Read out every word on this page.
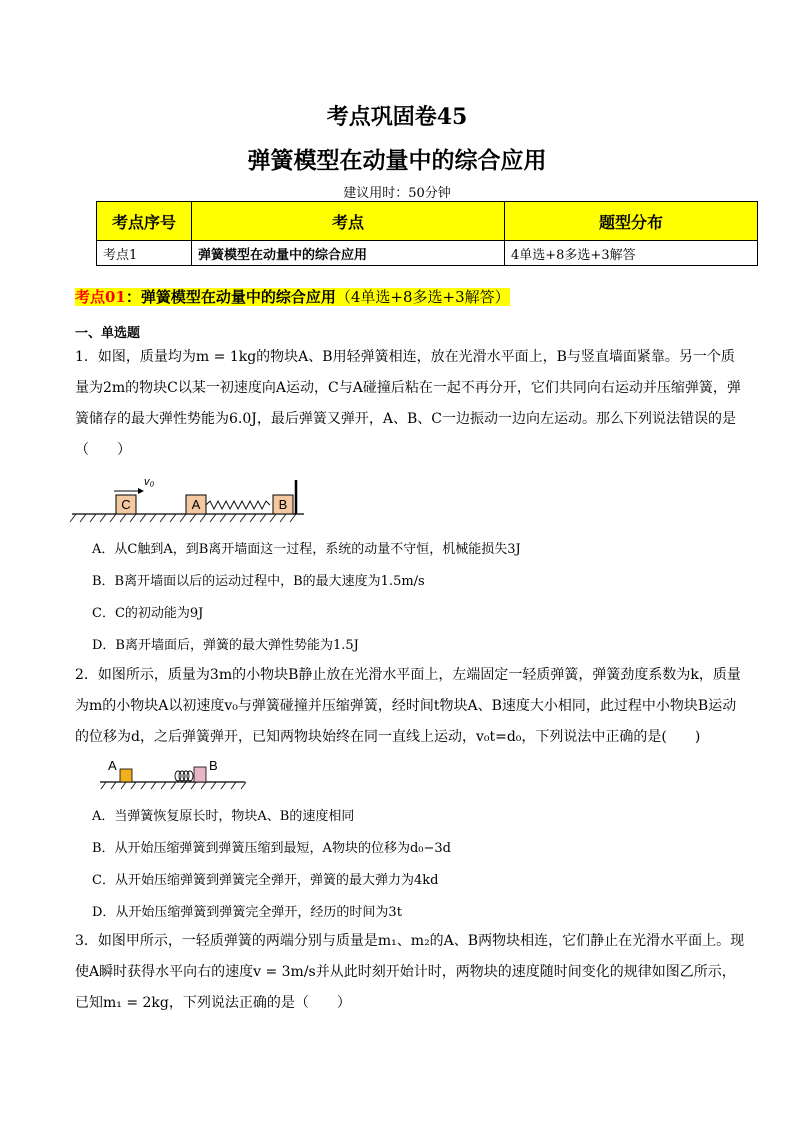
考点巩固卷45
弹簧模型在动量中的综合应用
建议用时：50分钟
考点序号	考点	题型分布
考点1	弹簧模型在动量中的综合应用	4单选+8多选+3解答
考点01：弹簧模型在动量中的综合应用（4单选+8多选+3解答）
一、单选题
1．如图，质量均为m = 1kg的物块A、B用轻弹簧相连，放在光滑水平面上，B与竖直墙面紧靠。另一个质量为2m的物块C以某一初速度向A运动，C与A碰撞后粘在一起不再分开，它们共同向右运动并压缩弹簧，弹簧储存的最大弹性势能为6.0J，最后弹簧又弹开，A、B、C一边振动一边向左运动。那么下列说法错误的是（　　）
v₀
C	A	B
A．从C触到A，到B离开墙面这一过程，系统的动量不守恒，机械能损失3J
B．B离开墙面以后的运动过程中，B的最大速度为1.5m/s
C．C的初动能为9J
D．B离开墙面后，弹簧的最大弹性势能为1.5J
2．如图所示，质量为3m的小物块B静止放在光滑水平面上，左端固定一轻质弹簧，弹簧劲度系数为k，质量为m的小物块A以初速度v₀与弹簧碰撞并压缩弹簧，经时间t物块A、B速度大小相同，此过程中小物块B运动的位移为d，之后弹簧弹开，已知两物块始终在同一直线上运动，v₀t=d₀，下列说法中正确的是(　　)
A	B
A．当弹簧恢复原长时，物块A、B的速度相同
B．从开始压缩弹簧到弹簧压缩到最短，A物块的位移为d₀−3d
C．从开始压缩弹簧到弹簧完全弹开，弹簧的最大弹力为4kd
D．从开始压缩弹簧到弹簧完全弹开，经历的时间为3t
3．如图甲所示，一轻质弹簧的两端分别与质量是m₁、m₂的A、B两物块相连，它们静止在光滑水平面上。现使A瞬时获得水平向右的速度v = 3m/s并从此时刻开始计时，两物块的速度随时间变化的规律如图乙所示，已知m₁ = 2kg，下列说法正确的是（　　）
